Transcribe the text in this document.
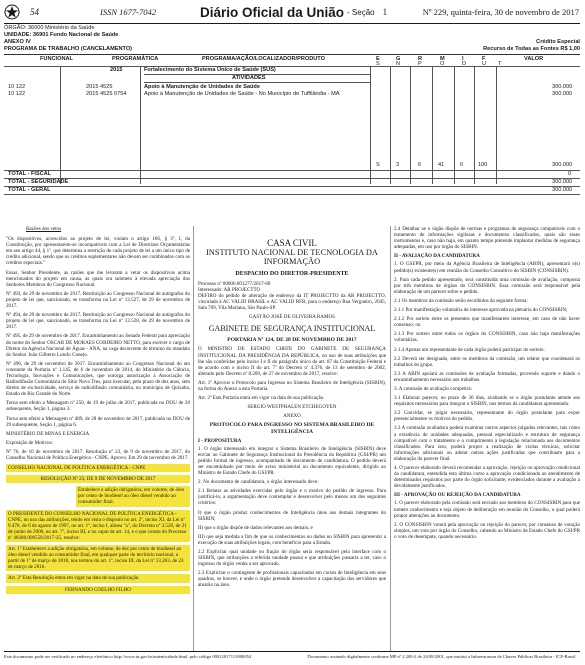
54	ISSN 1677-7042	Diário Oficial da União - Seção 1	Nº 229, quinta-feira, 30 de novembro de 2017
ÓRGÃO: 36000 Ministério da Saúde
UNIDADE: 36901 Fundo Nacional de Saúde
ANEXO IV	Crédito Especial
PROGRAMA DE TRABALHO (CANCELAMENTO)	Recurso de Todas as Fontes R$ 1,00
FUNCIONAL	PROGRAMÁTICA	PROGRAMA/AÇÃO/LOCALIZADOR/PRODUTO	E	G	R	M	I	F	VALOR
S	N	P	O	D	U T
2015	Fortalecimento do Sistema Único de Saúde (SUS)
ATIVIDADES
10 122	2015 4525	Apoio à Manutenção de Unidades de Saúde	300.000
10 122	2015 4525 0754	Apoio à Manutenção de Unidades de Saúde - No Município de Tuffilândia - MA	300.000
S	3	6	41	6	100	300.000
TOTAL - FISCAL	0
TOTAL - SEGURIDADE	300.000
TOTAL - GERAL	300.000
Razões dos vetos

"Os dispositivos, acrescidos ao projeto de lei, violam o artigo 166, § 3º, I, da Constituição, por apresentarem-se incompatíveis com a Lei de Diretrizes Orçamentárias em seu artigo 44, § 1º, que determina a restrição de cada projeto de lei a um único tipo de crédito adicional, sendo que os créditos suplementares não devem ser combinados com os créditos especiais."

Essas, Senhor Presidente, as razões que me levaram a vetar os dispositivos acima mencionados do projeto em causa, as quais ora submeto à elevada apreciação dos Senhores Membros do Congresso Nacional.

Nº 493, de 29 de novembro de 2017. Restituição ao Congresso Nacional de autógrafos do projeto de lei que, sancionado, se transforma na Lei nº 13.527, de 29 de novembro de 2017.

Nº 494, de 29 de novembro de 2017. Restituição ao Congresso Nacional de autógrafos do projeto de lei que, sancionado, se transforma na Lei nº 13.528, de 29 de novembro de 2017.

Nº 495, de 29 de novembro de 2017. Encaminhamento ao Senado Federal para apreciação do nome do Senhor OSCAR DE MORAES CORDEIRO NETTO, para exercer o cargo de Diretor da Agência Nacional de Águas - ANA, na vaga decorrente do término do mandato do Senhor João Gilberto Lotufo Conejo.

Nº 496, de 29 de novembro de 2017. Encaminhamento ao Congresso Nacional do ato constante da Portaria nº 1.145, de 6 de novembro de 2014, do Ministério da Ciência, Tecnologia, Inovações e Comunicações, que outorga autorização à Associação de Radiodifusão Comunitária do Sítio Novo Tres, para executar, pelo prazo de dez anos, sem direito de exclusividade, serviço de radiodifusão comunitária, no município de Quixaba, Estado de Rio Grande do Norte.

Torna sem efeito a Mensagem nº 250, de 19 de julho de 2017, publicada no DOU de 20 subsequente, Seção 1, página 3.

Torna sem efeito a Mensagem nº 489, de 28 de novembro de 2017, publicada no DOU de 29 subsequente, Seção 1, página 6.

MINISTÉRIO DE MINAS E ENERGIA

Exposição de Motivos:

Nº 76, de 10 de novembro de 2017. Resolução nº 23, de 9 de novembro de 2017, do Conselho Nacional de Política Energética - CNPE. Aprovo. Em 29 de novembro de 2017.

CONSELHO NACIONAL DE POLÍTICA ENERGÉTICA - CNPE
RESOLUÇÃO Nº 23, DE 9 DE NOVEMBRO DE 2017
Estabelece a adição obrigatória, em volume, de óleo por cento de biodiesel ao óleo diesel vendido ao consumidor final.
O PRESIDENTE DO CONSELHO NACIONAL DE POLÍTICA ENERGÉTICA - CNPE, no uso das atribuições, tendo em vista o disposto no art. 2º, inciso XI, da Lei nº 9.478, de 6 de agosto de 1997, no art. 1º, inciso I, alínea "a", do Decreto nº 3.520, de 21 de junho de 2000, no art. 7º, inciso III, e no caput de art. 14, e o que consta do Processo nº 48380.000558/2017-25, resolve:
Art. 1º Estabelecer a adição obrigatória, em volume, de dez por cento de biodiesel ao óleo diesel vendido ao consumidor final, em qualquer parte do território nacional, a partir de 1º de março de 2018, nos termos do art. 1º, inciso III, da Lei nº 13.263, de 23 de março de 2016.
Art. 2º Esta Resolução entra em vigor na data de sua publicação.
FERNANDO COELHO FILHO
CASA CIVIL
INSTITUTO NACIONAL DE TECNOLOGIA DA INFORMAÇÃO
DESPACHO DO DIRETOR-PRESIDENTE

Processo nº 00000.001277/2017-68
Interessado: AR PROJECTTO
DEFIRO do pedido de alteração de endereço da IT PROJECTTO da AR PROJECTTO, vinculada à AC VALID BRASIL e AC VALID RFB, para o endereço Rua Vergueiro, 2045, Sala 709, Vila Mariana, São Paulo-SP.

GASTÃO JOSÉ DE OLIVEIRA RAMOS
GABINETE DE SEGURANÇA INSTITUCIONAL
PORTARIA Nº 124, DE 28 DE NOVEMBRO DE 2017

O MINISTRO DE ESTADO CHEFE DO GABINETE DE SEGURANÇA INSTITUCIONAL DA PRESIDÊNCIA DA REPÚBLICA, no uso de suas atribuições que lhe são conferidas pelo inciso I e II do parágrafo único do art. 87 da Constituição Federal e de acordo com o inciso II do art. 7º do Decreto nº 4.376, de 13 de setembro de 2002, alterado pelo Decreto nº 8.209, de 27 de novembro de 2017, resolve:

Art. 1º Aprovar o Protocolo para Ingresso no Sistema Brasileiro de Inteligência (SISBIN), na forma do Anexo a esta Portaria.

Art. 2º Esta Portaria entra em vigor na data de sua publicação.

SERGIO WESTPHALEN ETCHEGOYEN
ANEXO
PROTOCOLO PARA INGRESSO NO SISTEMA BRASILEIRO DE INTELIGÊNCIA
I - PROPOSITURA

1. O órgão interessado em integrar o Sistema Brasileiro de Inteligência (SISBIN) deve enviar ao Gabinete de Segurança Institucional da Presidência da República (GSI/PR) um pedido formal de ingresso, acompanhado de documento de candidatura. O pedido deverá ser encaminhado por meio de aviso ministerial ou documento equivalente, dirigido ao Ministro de Estado Chefe do GSI/PR.

2. No documento de candidatura, o órgão interessado deve:

2.1 Relatar as atividades exercidas pelo órgão e o motivo do pedido de ingresso. Para justificá-lo, a argumentação deve contemplar e desenvolver pelo menos um dos seguintes critérios:

I) que o órgão produz conhecimentos de Inteligência úteis aos demais integrantes do SISBIN;

II) que o órgão dispõe de dados relevantes aos demais; e

III) que seja medida a fim de que os conhecimentos ou dados no SISBIN para apresentar a execução de suas atribuições legais, com benefício para a Estado.

2.2 Explicitar qual unidade ou fração do órgão seria responsável pela interface com o SISBIN, que atribuições a referida unidade possui e que atribuições passaria a ter, caso o ingresso do órgão venha a ser aprovado.

2.3 Explicitar o contingente de profissionais capacitados em cursos de Inteligência em seus quadros, se houver, e onde o órgão pretende desenvolver a capacitação dos servidores que atuarão na área.

2.4 Detalhar se o órgão dispõe de normas e programas de segurança compatíveis com o tratamento de informações sigilosas e documentos classificados, quais são esses instrumentos e, caso não haja, em quanto tempo pretende implantar medidas de segurança adequadas, em uso por órgão do SISBIN.

II - AVALIAÇÃO DA CANDIDATURA

1. O GSI/PR, por meio da Agência Brasileira de Inteligência (ABIN), apresentará o(s) pedido(s) existente(s) em reunião do Conselho Consultivo do SISBIN (CONSISBIN).

2. Para cada pedido apresentado, será constituída uma comissão de avaliação, composta por três membros de órgãos do CONSISBIN. Essa comissão será responsável pela elaboração de um parecer sobre o pedido.

2.1 Os membros da comissão serão escolhidos da seguinte forma:

2.1.1 Por manifestação voluntária de interesse aprovada na plenária do CONSISBIN;

2.1.2 Por sorteio entre os presentes que manifestarem interesse, em caso de não haver consenso; ou

2.1.3 Por sorteio entre todos os órgãos do CONSISBIN, caso não haja manifestações voluntárias.

2.1.4 Apenas um representante de cada órgão poderá participar do sorteio.

2.2 Deverá ser designado, entre os membros da comissão, um relator que coordenará os trabalhos do grupo.

2.3 A ABIN apoiará as comissões de avaliação formadas, provendo suporte e dando o encaminhamento necessário aos trabalhos.

3. A comissão de avaliação competirá:

3.1 Elaborar parecer, no prazo de 30 dias, avaliando se o órgão postulante atende aos requisitos necessários para integrar o SISBIN, nos termos da candidatura apresentada.

3.2 Convidar, se julgar necessário, representante do órgão postulante para expor presencialmente os motivos do pedido.

3.3 A comissão avaliadora poderá examinar outros aspectos julgados relevantes, tais como a existência de unidades adequadas, pessoal especializado e estrutura de segurança compatível com o tratamento e o cumprimento à legislação relacionada aos documentos classificados. Para isso, poderá propor a realização de visitas técnicas, solicitar informações adicionais ou adotar outras ações justificadas que contribuam para a elaboração do parecer final.

4. O parecer elaborado deverá recomendar a aprovação, rejeição ou aprovação condicional da candidatura, entendida esta última como a aprovação condicionada ao atendimento de determinados requisitos por parte do órgão solicitante, evidenciados durante a avaliação a devidamente justificados.

III - APROVAÇÃO OU REJEIÇÃO DA CANDIDATURA

1. O parecer elaborado pela comissão será enviado aos membros do CONSISBIN para que tomem conhecimento e seja objeto de deliberação em reunião do Conselho, o qual poderá propor alterações ao documento.

2. O CONSISBIN votará pela aprovação ou rejeição do parecer, por consenso de votação simples, um voto por órgão do Conselho, cabendo ao Ministro de Estado Chefe do GSI/PR o voto de desempate, quando necessário.

Este documento pode ser verificado no endereço eletrônico http://www.in.gov.br/autenticidade.html, pelo código 00012017113000054	Documento assinado digitalmente conforme MP nº 2.200-2 de 24/08/2001, que institui a Infraestrutura de Chaves Públicas Brasileira - ICP-Brasil.
